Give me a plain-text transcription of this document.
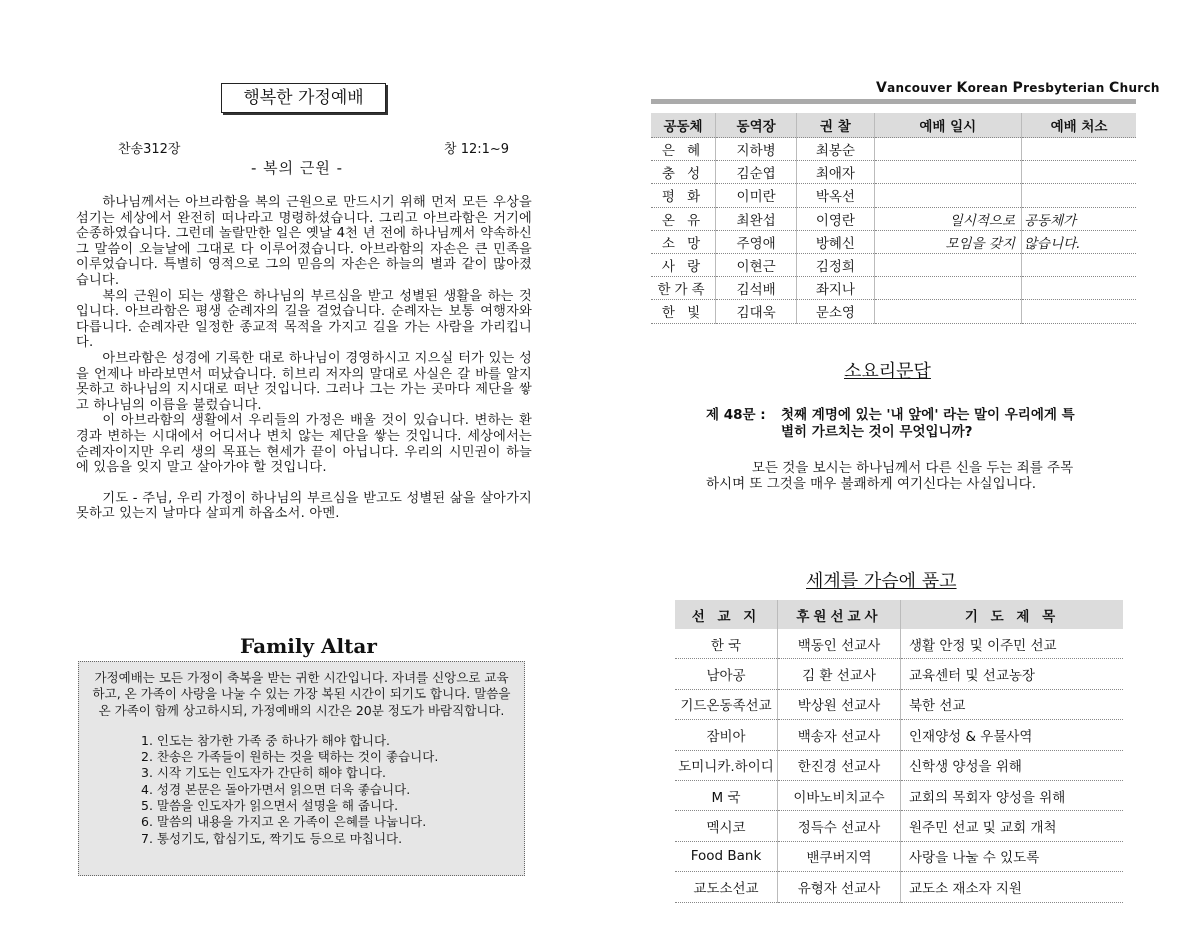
행복한 가정예배
찬송312장	창 12:1~9
- 복의 근원 -

하나님께서는 아브라함을 복의 근원으로 만드시기 위해 먼저 모든 우상을 섬기는 세상에서 완전히 떠나라고 명령하셨습니다. 그리고 아브라함은 거기에 순종하였습니다. 그런데 놀랄만한 일은 옛날 4천 년 전에 하나님께서 약속하신 그 말씀이 오늘날에 그대로 다 이루어졌습니다. 아브라함의 자손은 큰 민족을 이루었습니다. 특별히 영적으로 그의 믿음의 자손은 하늘의 별과 같이 많아졌습니다.

복의 근원이 되는 생활은 하나님의 부르심을 받고 성별된 생활을 하는 것입니다. 아브라함은 평생 순례자의 길을 걸었습니다. 순례자는 보통 여행자와 다릅니다. 순례자란 일정한 종교적 목적을 가지고 길을 가는 사람을 가리킵니다.

아브라함은 성경에 기록한 대로 하나님이 경영하시고 지으실 터가 있는 성을 언제나 바라보면서 떠났습니다. 히브리 저자의 말대로 사실은 갈 바를 알지 못하고 하나님의 지시대로 떠난 것입니다. 그러나 그는 가는 곳마다 제단을 쌓고 하나님의 이름을 불렀습니다.

이 아브라함의 생활에서 우리들의 가정은 배울 것이 있습니다. 변하는 환경과 변하는 시대에서 어디서나 변치 않는 제단을 쌓는 것입니다. 세상에서는 순례자이지만 우리 생의 목표는 현세가 끝이 아닙니다. 우리의 시민권이 하늘에 있음을 잊지 말고 살아가야 할 것입니다.

기도 - 주님, 우리 가정이 하나님의 부르심을 받고도 성별된 삶을 살아가지 못하고 있는지 날마다 살피게 하옵소서. 아멘.

Family Altar

가정예배는 모든 가정이 축복을 받는 귀한 시간입니다. 자녀를 신앙으로 교육 하고, 온 가족이 사랑을 나눌 수 있는 가장 복된 시간이 되기도 합니다. 말씀을 온 가족이 함께 상고하시되, 가정예배의 시간은 20분 정도가 바람직합니다.

1. 인도는 참가한 가족 중 하나가 해야 합니다.
2. 찬송은 가족들이 원하는 것을 택하는 것이 좋습니다.
3. 시작 기도는 인도자가 간단히 해야 합니다.
4. 성경 본문은 돌아가면서 읽으면 더욱 좋습니다.
5. 말씀을 인도자가 읽으면서 설명을 해 줍니다.
6. 말씀의 내용을 가지고 온 가족이 은혜를 나눕니다.
7. 통성기도, 합심기도, 짝기도 등으로 마칩니다.
Vancouver Korean Presbyterian Church
공동체	동역장	권 찰	예배 일시	예배 처소
은 혜	지하병	최봉순		
충 성	김순엽	최애자		
평 화	이미란	박옥선		
온 유	최완섭	이영란	일시적으로	공동체가
소 망	주영애	방혜신	모임을 갖지	않습니다.
사 랑	이현근	김정희		
한가족	김석배	좌지나		
한 빛	김대욱	문소영		
소요리문답
제 48문 : 첫째 계명에 있는 '내 앞에' 라는 말이 우리에게 특별히 가르치는 것이 무엇입니까?
모든 것을 보시는 하나님께서 다른 신을 두는 죄를 주목하시며 또 그것을 매우 불쾌하게 여기신다는 사실입니다.
세계를 가슴에 품고
선 교 지	후원선교사	기 도 제 목
한 국	백동인 선교사	생활 안정 및 이주민 선교
남아공	김 환 선교사	교육센터 및 선교농장
기드온동족선교	박상원 선교사	북한 선교
잠비아	백송자 선교사	인재양성 & 우물사역
도미니카.하이디	한진경 선교사	신학생 양성을 위해
M 국	이바노비치교수	교회의 목회자 양성을 위해
멕시코	정득수 선교사	원주민 선교 및 교회 개척
Food Bank	밴쿠버지역	사랑을 나눌 수 있도록
교도소선교	유형자 선교사	교도소 재소자 지원
